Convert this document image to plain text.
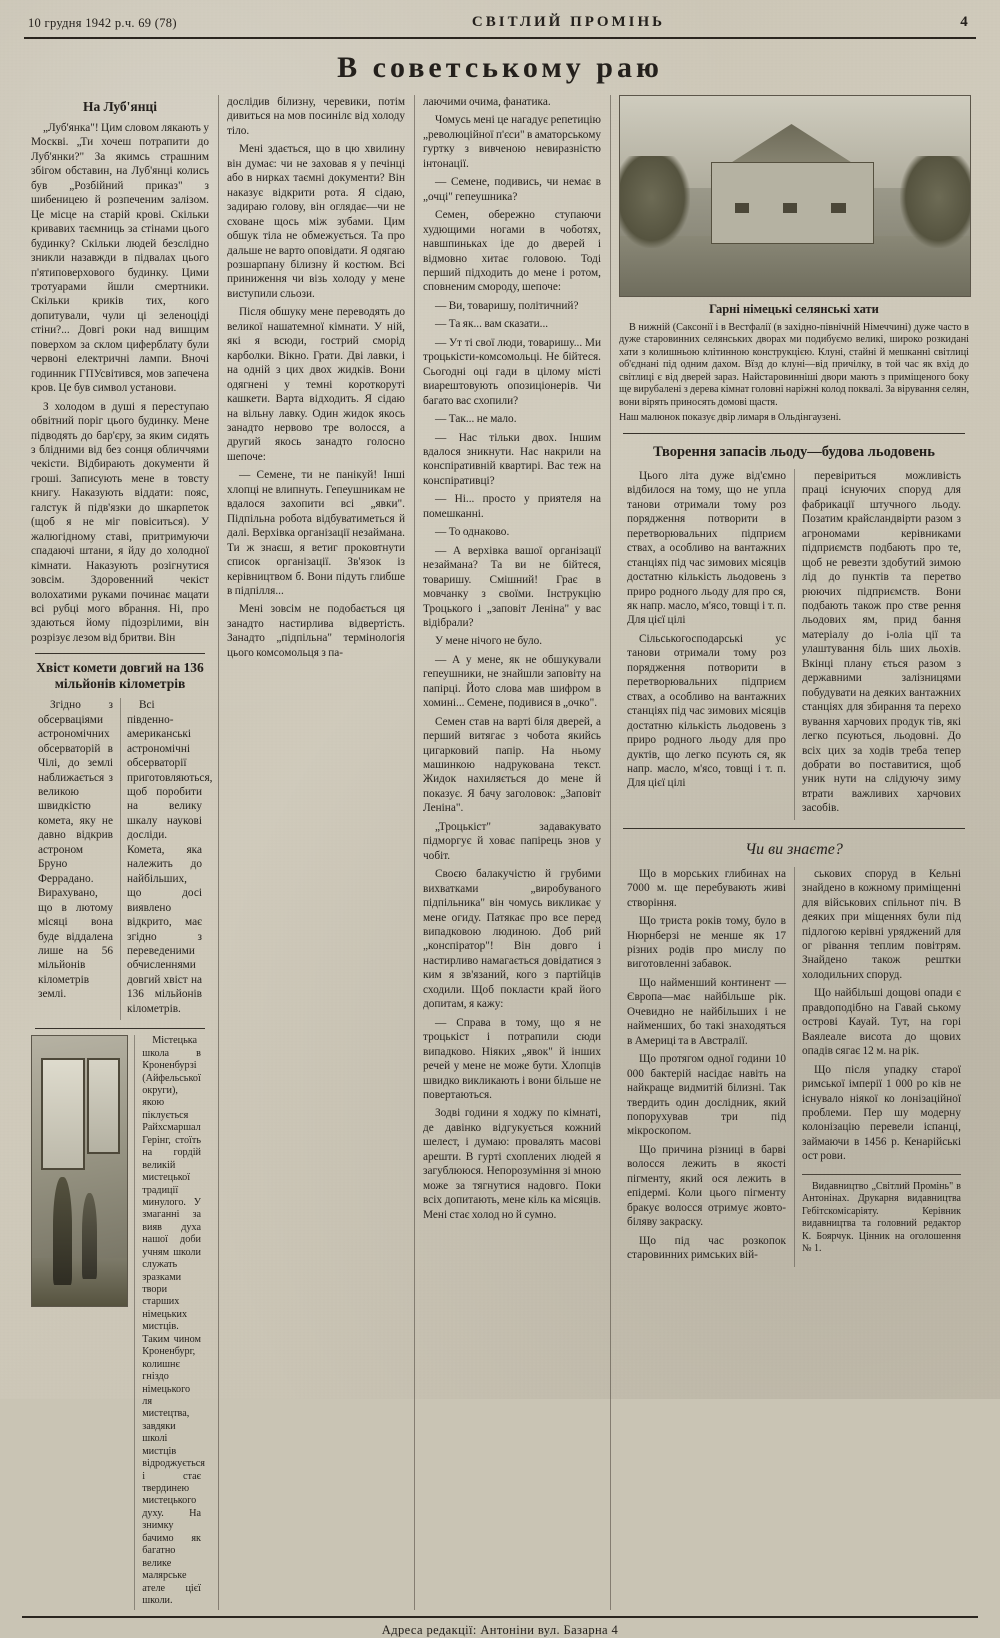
10 грудня 1942 р.ч. 69 (78)	СВІТЛИЙ ПРОМІНЬ	4
В советському раю
На Луб'янці

„Луб'янка"! Цим словом лякають у Москві. „Ти хочеш потрапити до Луб'янки?" За якимсь страшним збігом обставин, на Луб'янці колись був „Розбійний приказ" з шибеницею й розпеченим залізом. Це місце на старій крові. Скільки кривавих таємниць за стінами цього будинку? Скільки людей безслідно зникли назавжди в підвалах цього п'ятиповерхового будинку. Цими тротуарами йшли смертники. Скільки криків тих, кого допитували, чули ці зеленоціді стіни?... Довгі роки над вишцим поверхом за склом циферблату були червоні електричні лампи. Вночі годинник ГПУсвітився, мов запечена кров. Це був символ установи.

З холодом в душі я переступаю обвітний поріг цього будинку. Мене підводять до бар'єру, за яким сидять з блідними від без сонця обличчями чекісти. Відбирають документи й гроші. Записують мене в товсту книгу. Наказують віддати: пояс, галстук й підв'язки до шкарпеток (щоб я не міг повіситься). У жалюгідному ставі, притримуючи спадаючі штани, я йду до холодної кімнати. Наказують розігнутися зовсім. Здоровенний чекіст волохатими руками починає мацати всі рубці мого вбрання. Ні, про здаються йому підозрілими, він розрізує лезом від бритви. Він

Хвіст комети довгий на 136 мільйонів кілометрів

Згідно з обсерваціями астрономічних обсерваторій в Чілі, до землі наближається з великою швидкістю комета, яку не давно відкрив астроном Бруно Феррадано. Вирахувано, що в лютому місяці вона буде віддалена лише на 56 мільйонів кілометрів землі.

Всі південно-американські астрономічні обсерваторії приготовляються, щоб поробити на велику шкалу наукові досліди. Комета, яка належить до найбільших, що досі виявлено відкрито, має згідно з переведеними обчисленнями довгий хвіст на 136 мільйонів кілометрів.

Містецька школа в Кроненбурзі (Айфельської округи), якою піклується Райхсмаршал Герінг, стоїть на гордій великій мистецької традиції минулого. У змаганні за вияв духа нашої доби учням школи служать зразками твори старших німецьких мистців. Таким чином Кроненбург, колишнє гніздо німецького ля мистецтва, завдяки школі мистців відроджується і стає твердинею мистецького духу. На знимку бачимо як багатно велике малярське ателе цієї школи.

дослідив білизну, черевики, потім дивиться на мов посинілє від холоду тіло.

Мені здається, що в цю хвилину він думає: чи не заховав я у печінці або в нирках таємні документи? Він наказує відкрити рота. Я сідаю, задираю голову, він оглядає—чи не сховане щось між зубами. Цим обшук тіла не обмежується. Та про дальше не варто оповідати. Я одягаю розшарпану білизну й костюм. Всі приниження чи візь холоду у мене виступили сльози.

Після обшуку мене переводять до великої нашатемної кімнати. У ній, які я всюди, гострий сморід карболки. Вікно. Грати. Дві лавки, і на одній з цих двох жидків. Вони одягнені у темні короткоруті кашкети. Варта відходить. Я сідаю на вільну лавку. Один жидок якось занадто нервово тре волосся, а другий якось занадто голосно шепоче:

— Семене, ти не панікуй! Інші хлопці не влипнуть. Гепеушникам не вдалося захопити всі „явки". Підпільна робота відбуватиметься й далі. Верхівка організації незаймана. Ти ж знаєш, я ветиг проковтнути список організації. Зв'язок із керівництвом б. Вони підуть глибше в підпілля...

Мені зовсім не подобається ця занадто настирлива відвертість. Занадто „підпільна" термінологія цього комсомольця з па-

лаючими очима, фанатика.

Чомусь мені це нагадує репетицію „революційної п'єси" в аматорському гуртку з вивченою невиразністю інтонації.

— Семене, подивись, чи немає в „очці" гепеушника?

Семен, обережно ступаючи худющими ногами в чоботях, навшпиньках іде до дверей і відмовно хитає головою. Тоді перший підходить до мене і ротом, сповненим смороду, шепоче:

— Ви, товаришу, політичний?

— Та як... вам сказати...

— Ут ті свої люди, товаришу... Ми троцькісти-комсомольці. Не бійтеся. Сьогодні оці гади в цілому місті виарештовують опозиціонерів. Чи багато вас схопили?

— Так... не мало.

— Нас тільки двох. Іншим вдалося зникнути. Нас накрили на конспіративній квартирі. Вас теж на конспіративці?

— Ні... просто у приятеля на помешканні.

— То однаково.

— А верхівка вашої організації незаймана? Та ви не бійтеся, товаришу. Смішний! Грає в мовчанку з своїми. Інструкцію Троцького і „заповіт Леніна" у вас відібрали?

У мене нічого не було.

— А у мене, як не обшукували гепеушники, не знайшли заповіту на папірці. Йото слова мав шифром в хомині... Семене, подивися в „очко".

Семен став на варті біля дверей, а перший витягає з чобота якийсь цигарковий папір. На ньому машинкою надрукована текст. Жидок нахиляється до мене й показує. Я бачу заголовок: „Заповіт Леніна".

„Троцькіст" задавакувато підморгує й ховає папірець знов у чобіт.

Своєю балакучістю й грубими вихватками „виробуваного підпільника" він чомусь викликає у мене огиду. Патякає про все перед випадковою людиною. Доб рий „конспіратор"! Він довго і настирливо намагається довідатися з ким я зв'язаний, кого з партійців сходили. Щоб покласти край його допитам, я кажу:

— Справа в тому, що я не троцькіст і потрапили сюди випадково. Ніяких „явок" й інших речей у мене не може бути. Хлопців швидко викликають і вони більше не повертаються.

Зодві години я ходжу по кімнаті, де давінко відгукується кожний шелест, і думаю: провалять масові арешти. В гурті схоплених людей я загублююся. Непорозуміння зі мною може за тягнутися надовго. Поки всіх допитають, мене кіль ка місяців. Мені стає холод но й сумно.

Гарні німецькі селянські хати

В нижній (Саксонії і в Вестфалії (в західно-північній Німеччині) дуже часто в дуже старовинних селянських дворах ми подибуємо великі, широко розкидані хати з колишньою клітинною конструкцією. Клуні, стайні й мешканні світлиці об'єднані під одним дахом. Вїзд до клуні—від причілку, в той час як вхід до світлиці є від дверей зараз. Найстаровинніші двори мають з приміщеного боку ще вирубалені з дерева кімнат головні наріжні колод поквалі. За вірування селян, вони вірять приносять домові щастя.

Наш малюнок показує двір лимаря в Ольдінгаузені.

Творення запасів льоду—будова льодовень

Цього літа дуже від'ємно відбилося на тому, що не упла танови отримали тому роз порядження потворити в перетворювальних підприєм ствах, а особливо на вантажних станціях під час зимових місяців достатню кількість льодовень з приро родного льоду для про ся, як напр. масло, м'ясо, товщі і т. п. Для цієї цілі

Сільськогосподарські ус танови отримали тому роз порядження потворити в перетворювальних підприєм ствах, а особливо на вантажних станціях під час зимових місяців достатню кількість льодовень з приро родного льоду для про дуктів, що легко псують ся, як напр. масло, м'ясо, товщі і т. п. Для цієї цілі

перевіриться можливість праці існуючих споруд для фабрикації штучного льоду. Позатим крайсландвірти разом з агрономами керівниками підприємств подбають про те, щоб не ревезти здобутий зимою лід до пунктів та перетво рюючих підприємств. Вони подбають також про стве рення льодових ям, прид бання матеріалу до і-оліа ції та улаштування біль ших льохів. Вкінці плану ється разом з державними залізницями побудувати на деяких вантажних станціях для збирання та перехо вування харчових продук тів, які легко псуються, льодовні. До всіх цих за ходів треба тепер добрати во поставитися, щоб уник нути на слідуючу зиму втрати важливих харчових засобів.

Чи ви знаєте?

Що в морських глибинах на 7000 м. ще перебувають живі створіння.

Що триста років тому, було в Нюрнберзі не менше як 17 різних родів про мислу по виготовленні забавок.

Що найменший континент —Європа—має найбільше рік. Очевидно не найбільших і не найменших, бо такі знаходяться в Америці та в Австралії.

Що протягом одної години 10 000 бактерій насідає навіть на найкраще видмитій білизні. Так твердить один дослідник, який попорухував три під мікроскопом.

Що причина різниці в барві волосся лежить в якості пігменту, який ося лежить в епідермі. Коли цього пігменту бракує волосся отримує жовто-біляву закраску.

Що під час розкопок старовинних римських вій-

ськових споруд в Кельні знайдено в кожному приміщенні для військових спільнот піч. В деяких при міщеннях були під підлогою керівні уряджений для ог рівання теплим повітрям. Знайдено також рештки холодильних споруд.

Що найбільші дощові опади є правдоподібно на Гавай ському острові Кауай. Тут, на горі Ваялеале висота до щових опадів сягає 12 м. на рік.

Що після упадку старої римської імперії 1 000 ро ків не існувало ніякої ко лонізаційної проблеми. Пер шу модерну колонізацію перевели іспанці, займаючи в 1456 р. Кенарійські ост рови.

Видавництво „Світлий Промінь" в Антонінах. Друкарня видавництва Гебітскомісаріяту. Керівник видавництва та головний редактор К. Боярчук. Цінник на оголошення № 1.
Адреса редакції: Антоніни вул. Базарна 4
